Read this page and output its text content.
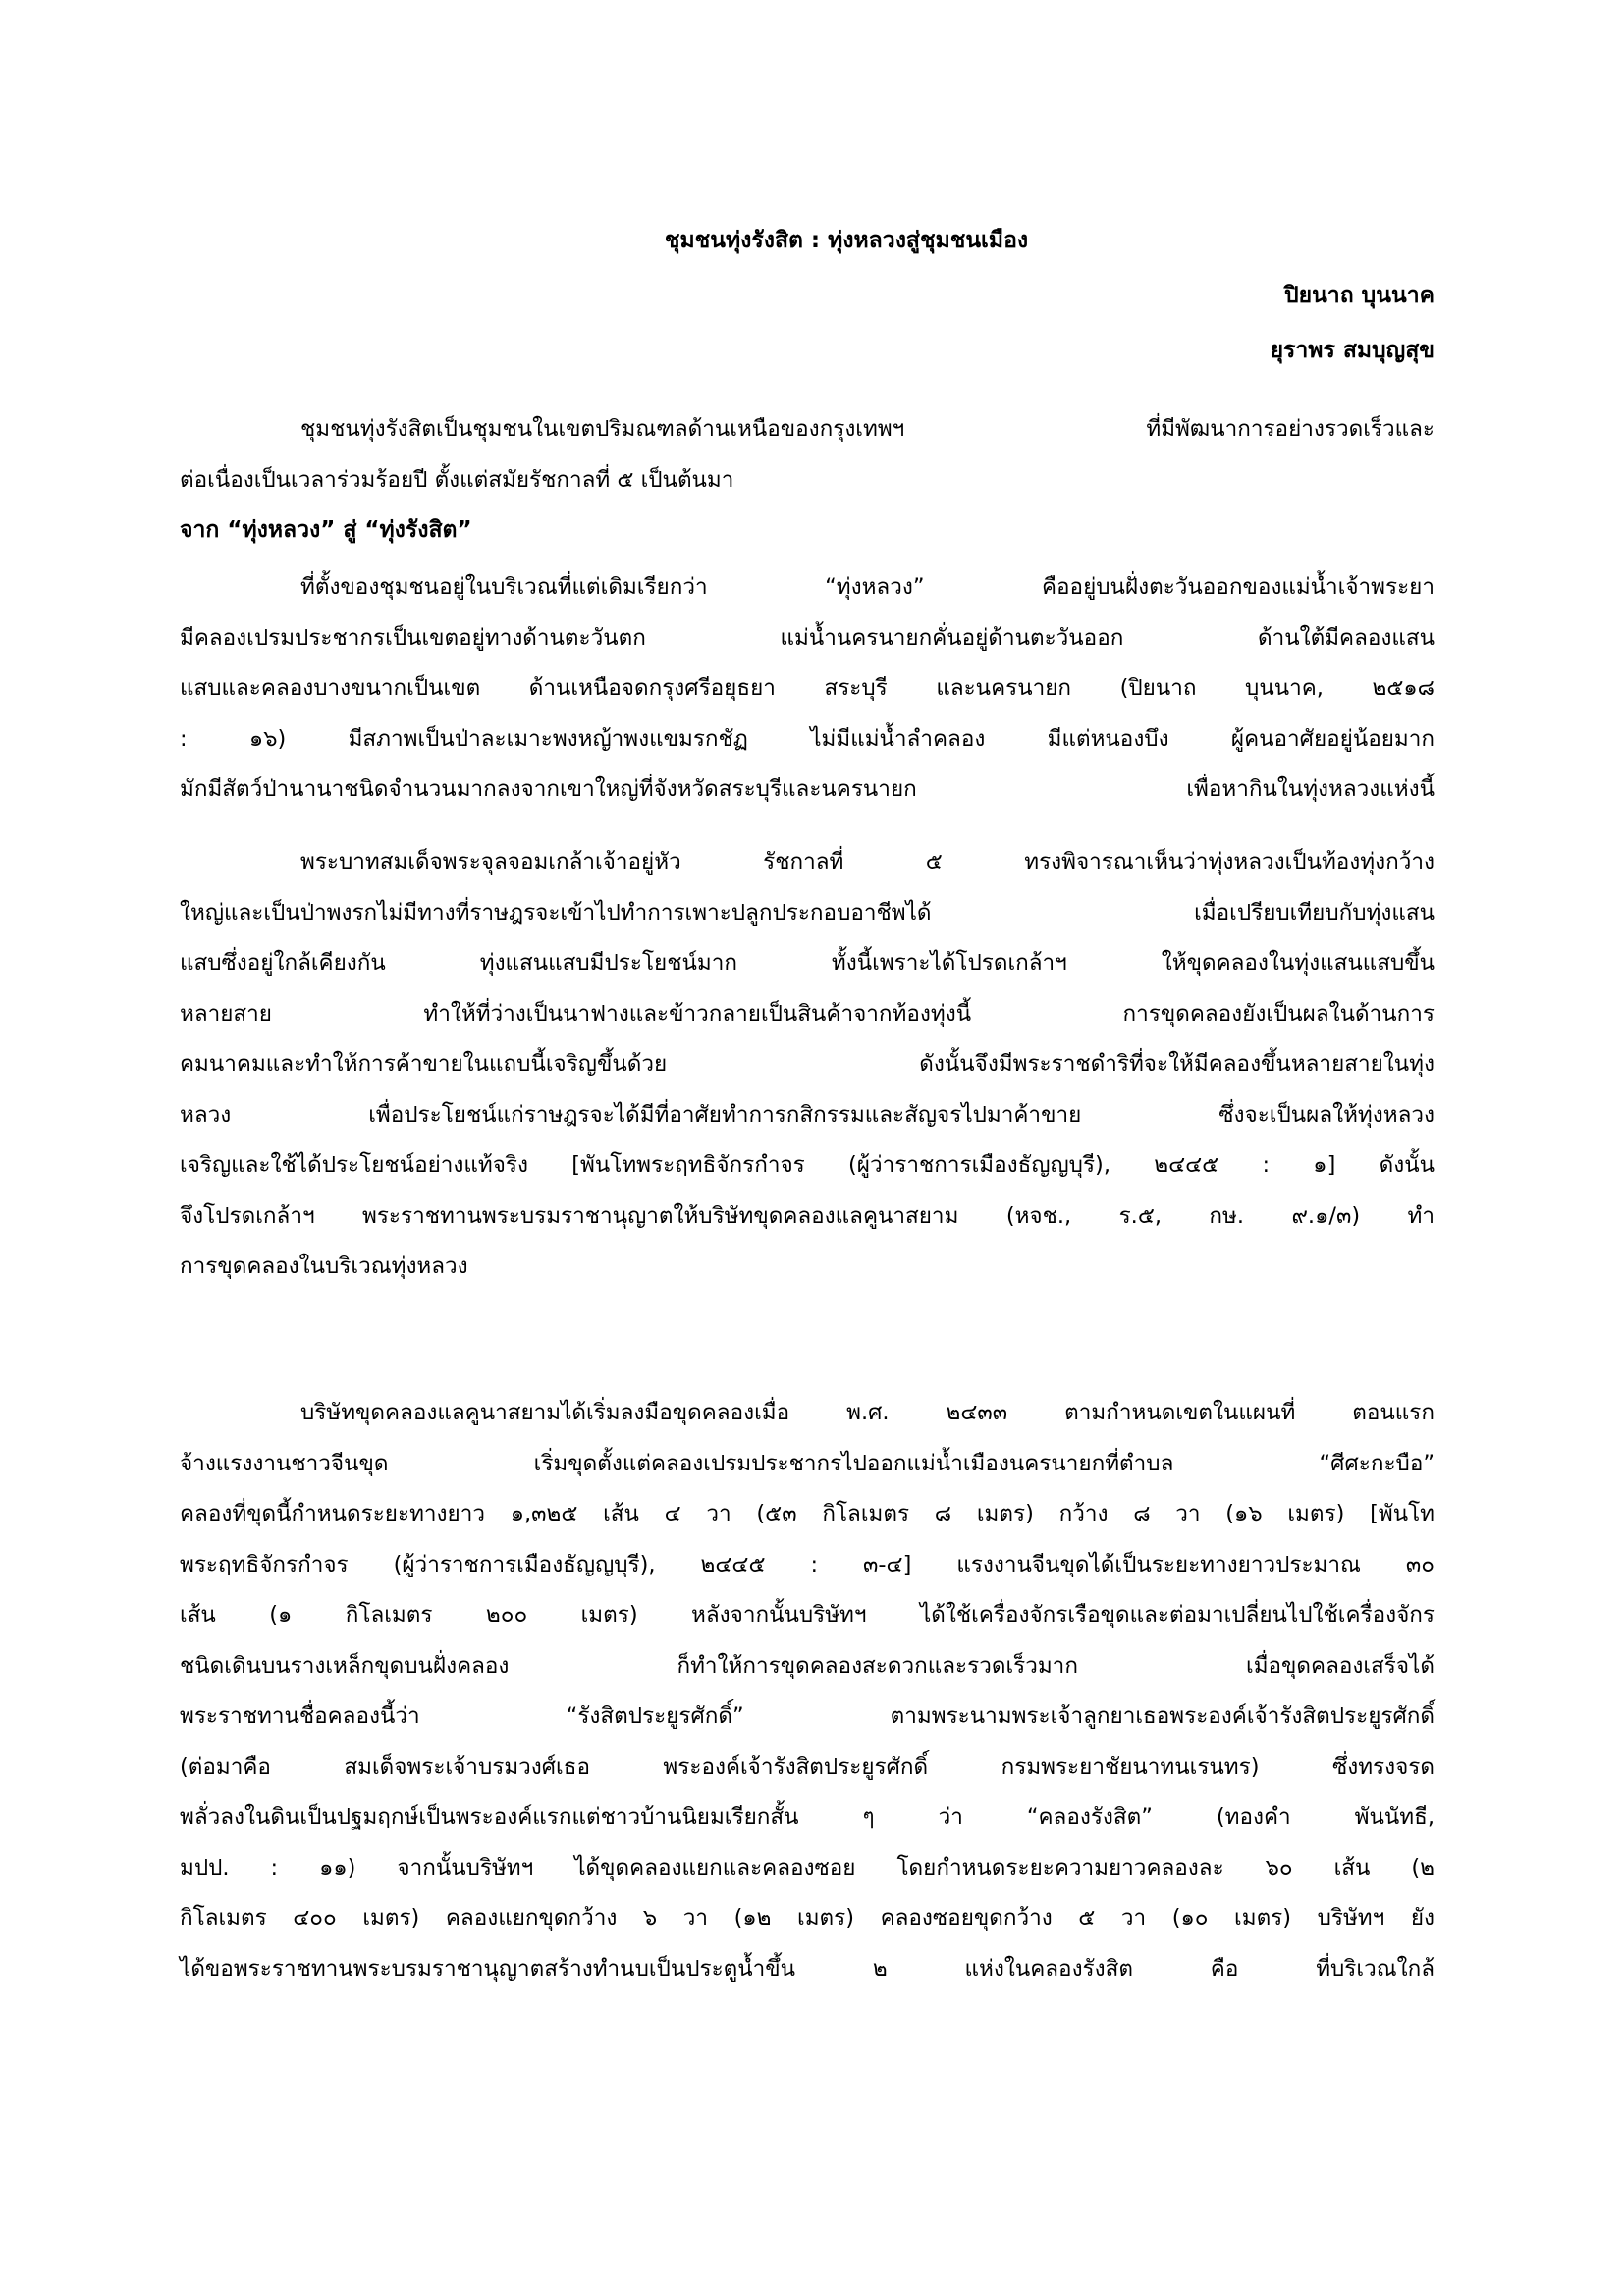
ชุมชนทุ่งรังสิต : ทุ่งหลวงสู่ชุมชนเมือง
ปิยนาถ บุนนาค
ยุราพร สมบุญสุข
ชุมชนทุ่งรังสิตเป็นชุมชนในเขตปริมณฑลด้านเหนือของกรุงเทพฯ ที่มีพัฒนาการอย่างรวดเร็วและ
ต่อเนื่องเป็นเวลาร่วมร้อยปี ตั้งแต่สมัยรัชกาลที่ ๕ เป็นต้นมา
จาก “ทุ่งหลวง” สู่ “ทุ่งรังสิต”
ที่ตั้งของชุมชนอยู่ในบริเวณที่แต่เดิมเรียกว่า “ทุ่งหลวง” คืออยู่บนฝั่งตะวันออกของแม่น้ำเจ้าพระยา
มีคลองเปรมประชากรเป็นเขตอยู่ทางด้านตะวันตก แม่น้ำนครนายกคั่นอยู่ด้านตะวันออก ด้านใต้มีคลองแสน
แสบและคลองบางขนากเป็นเขต ด้านเหนือจดกรุงศรีอยุธยา สระบุรี และนครนายก (ปิยนาถ บุนนาค, ๒๕๑๘
: ๑๖) มีสภาพเป็นป่าละเมาะพงหญ้าพงแขมรกชัฏ ไม่มีแม่น้ำลำคลอง มีแต่หนองบึง ผู้คนอาศัยอยู่น้อยมาก
มักมีสัตว์ป่านานาชนิดจำนวนมากลงจากเขาใหญ่ที่จังหวัดสระบุรีและนครนายก เพื่อหากินในทุ่งหลวงแห่งนี้
พระบาทสมเด็จพระจุลจอมเกล้าเจ้าอยู่หัว รัชกาลที่ ๕ ทรงพิจารณาเห็นว่าทุ่งหลวงเป็นท้องทุ่งกว้าง
ใหญ่และเป็นป่าพงรกไม่มีทางที่ราษฎรจะเข้าไปทำการเพาะปลูกประกอบอาชีพได้ เมื่อเปรียบเทียบกับทุ่งแสน
แสบซึ่งอยู่ใกล้เคียงกัน ทุ่งแสนแสบมีประโยชน์มาก ทั้งนี้เพราะได้โปรดเกล้าฯ ให้ขุดคลองในทุ่งแสนแสบขึ้น
หลายสาย ทำให้ที่ว่างเป็นนาฟางและข้าวกลายเป็นสินค้าจากท้องทุ่งนี้ การขุดคลองยังเป็นผลในด้านการ
คมนาคมและทำให้การค้าขายในแถบนี้เจริญขึ้นด้วย ดังนั้นจึงมีพระราชดำริที่จะให้มีคลองขึ้นหลายสายในทุ่ง
หลวง เพื่อประโยชน์แก่ราษฎรจะได้มีที่อาศัยทำการกสิกรรมและสัญจรไปมาค้าขาย ซึ่งจะเป็นผลให้ทุ่งหลวง
เจริญและใช้ได้ประโยชน์อย่างแท้จริง [พันโทพระฤทธิจักรกำจร (ผู้ว่าราชการเมืองธัญญบุรี), ๒๔๔๕ : ๑] ดังนั้น
จึงโปรดเกล้าฯ พระราชทานพระบรมราชานุญาตให้บริษัทขุดคลองแลคูนาสยาม (หจช., ร.๕, กษ. ๙.๑/๓) ทำ
การขุดคลองในบริเวณทุ่งหลวง
บริษัทขุดคลองแลคูนาสยามได้เริ่มลงมือขุดคลองเมื่อ พ.ศ. ๒๔๓๓ ตามกำหนดเขตในแผนที่ ตอนแรก
จ้างแรงงานชาวจีนขุด เริ่มขุดตั้งแต่คลองเปรมประชากรไปออกแม่น้ำเมืองนครนายกที่ตำบล “ศีศะกะบือ”
คลองที่ขุดนี้กำหนดระยะทางยาว ๑,๓๒๕ เส้น ๔ วา (๕๓ กิโลเมตร ๘ เมตร) กว้าง ๘ วา (๑๖ เมตร) [พันโท
พระฤทธิจักรกำจร (ผู้ว่าราชการเมืองธัญญบุรี), ๒๔๔๕ : ๓-๔] แรงงานจีนขุดได้เป็นระยะทางยาวประมาณ ๓๐
เส้น (๑ กิโลเมตร ๒๐๐ เมตร) หลังจากนั้นบริษัทฯ ได้ใช้เครื่องจักรเรือขุดและต่อมาเปลี่ยนไปใช้เครื่องจักร
ชนิดเดินบนรางเหล็กขุดบนฝั่งคลอง ก็ทำให้การขุดคลองสะดวกและรวดเร็วมาก เมื่อขุดคลองเสร็จได้
พระราชทานชื่อคลองนี้ว่า “รังสิตประยูรศักดิ์” ตามพระนามพระเจ้าลูกยาเธอพระองค์เจ้ารังสิตประยูรศักดิ์
(ต่อมาคือ สมเด็จพระเจ้าบรมวงศ์เธอ พระองค์เจ้ารังสิตประยูรศักดิ์ กรมพระยาชัยนาทนเรนทร) ซึ่งทรงจรด
พลั่วลงในดินเป็นปฐมฤกษ์เป็นพระองค์แรกแต่ชาวบ้านนิยมเรียกสั้น ๆ ว่า “คลองรังสิต” (ทองคำ พันนัทธี,
มปป. : ๑๑) จากนั้นบริษัทฯ ได้ขุดคลองแยกและคลองซอย โดยกำหนดระยะความยาวคลองละ ๖๐ เส้น (๒
กิโลเมตร ๔๐๐ เมตร) คลองแยกขุดกว้าง ๖ วา (๑๒ เมตร) คลองซอยขุดกว้าง ๕ วา (๑๐ เมตร) บริษัทฯ ยัง
ได้ขอพระราชทานพระบรมราชานุญาตสร้างทำนบเป็นประตูน้ำขึ้น ๒ แห่งในคลองรังสิต คือ ที่บริเวณใกล้
